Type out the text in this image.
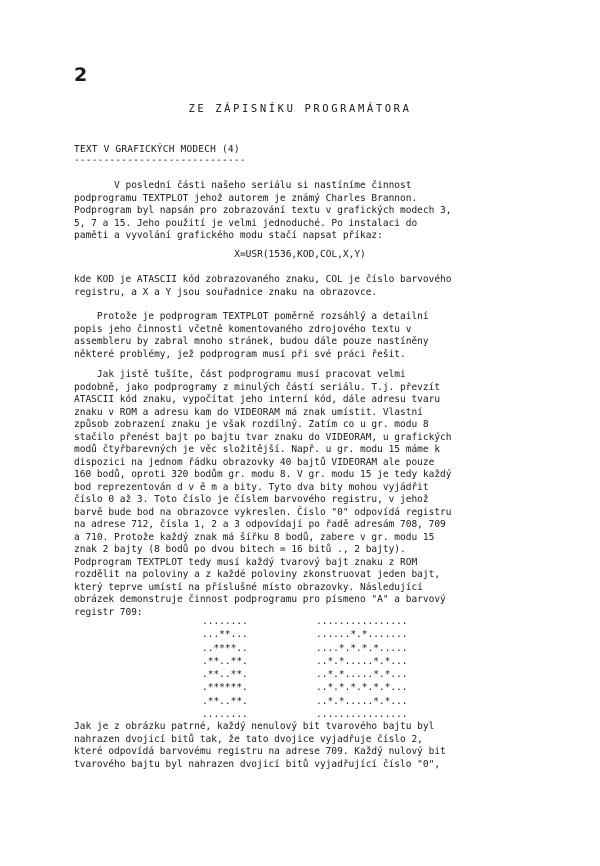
2
ZE ZÁPISNÍKU PROGRAMÁTORA
TEXT V GRAFICKÝCH MODECH (4)
-----------------------------
V poslední části našeho seriálu si nastíníme činnost
podprogramu TEXTPLOT jehož autorem je známý Charles Brannon.
Podprogram byl napsán pro zobrazování textu v grafických modech 3,
5, 7 a 15. Jeho použití je velmi jednoduché. Po instalaci do
paměti a vyvolání grafického modu stačí napsat příkaz:
X=USR(1536,KOD,COL,X,Y)
kde KOD je ATASCII kód zobrazovaného znaku, COL je číslo barvového
registru, a X a Y jsou souřadnice znaku na obrazovce.
Protože je podprogram TEXTPLOT poměrně rozsáhlý a detailní
popis jeho činnosti včetně komentovaného zdrojového textu v
assembleru by zabral mnoho stránek, budou dále pouze nastíněny
některé problémy, jež podprogram musí při své práci řešit.
Jak jistě tušíte, část podprogramu musí pracovat velmi
podobně, jako podprogramy z minulých částí seriálu. T.j. převzít
ATASCII kód znaku, vypočítat jeho interní kód, dále adresu tvaru
znaku v ROM a adresu kam do VIDEORAM má znak umístit. Vlastní
způsob zobrazení znaku je však rozdílný. Zatím co u gr. modu 8
stačilo přenést bajt po bajtu tvar znaku do VIDEORAM, u grafických
modů čtyřbarevných je věc složitější. Např. u gr. modu 15 máme k
dispozici na jednom řádku obrazovky 40 bajtů VIDEORAM ale pouze
160 bodů, oproti 320 bodům gr. modu 8. V gr. modu 15 je tedy každý
bod reprezentován d v ě m a bity. Tyto dva bity mohou vyjádřit
číslo 0 až 3. Toto číslo je číslem barvového registru, v jehož
barvě bude bod na obrazovce vykreslen. Číslo "0" odpovídá registru
na adrese 712, čísla 1, 2 a 3 odpovídají po řadě adresám 708, 709
a 710. Protože každý znak má šířku 8 bodů, zabere v gr. modu 15
znak 2 bajty (8 bodů po dvou bitech = 16 bitů ., 2 bajty).
Podprogram TEXTPLOT tedy musí každý tvarový bajt znaku z ROM
rozdělit na poloviny a z každé poloviny zkonstruovat jeden bajt,
který teprve umístí na příslušné místo obrazovky. Následující
obrázek demonstruje činnost podprogramu pro písmeno "A" a barvový
registr 709:
........
...**...
..****..
.**..**.
.**..**.
.******.
.**..**.
........
................
......*.*.......
....*.*.*.*.....
..*.*.....*.*...
..*.*.....*.*...
..*.*.*.*.*.*...
..*.*.....*.*...
................
Jak je z obrázku patrné, každý nenulový bit tvarového bajtu byl
nahrazen dvojicí bitů tak, že tato dvojice vyjadřuje číslo 2,
které odpovídá barvovému registru na adrese 709. Každý nulový bit
tvarového bajtu byl nahrazen dvojicí bitů vyjadřující číslo "0",
